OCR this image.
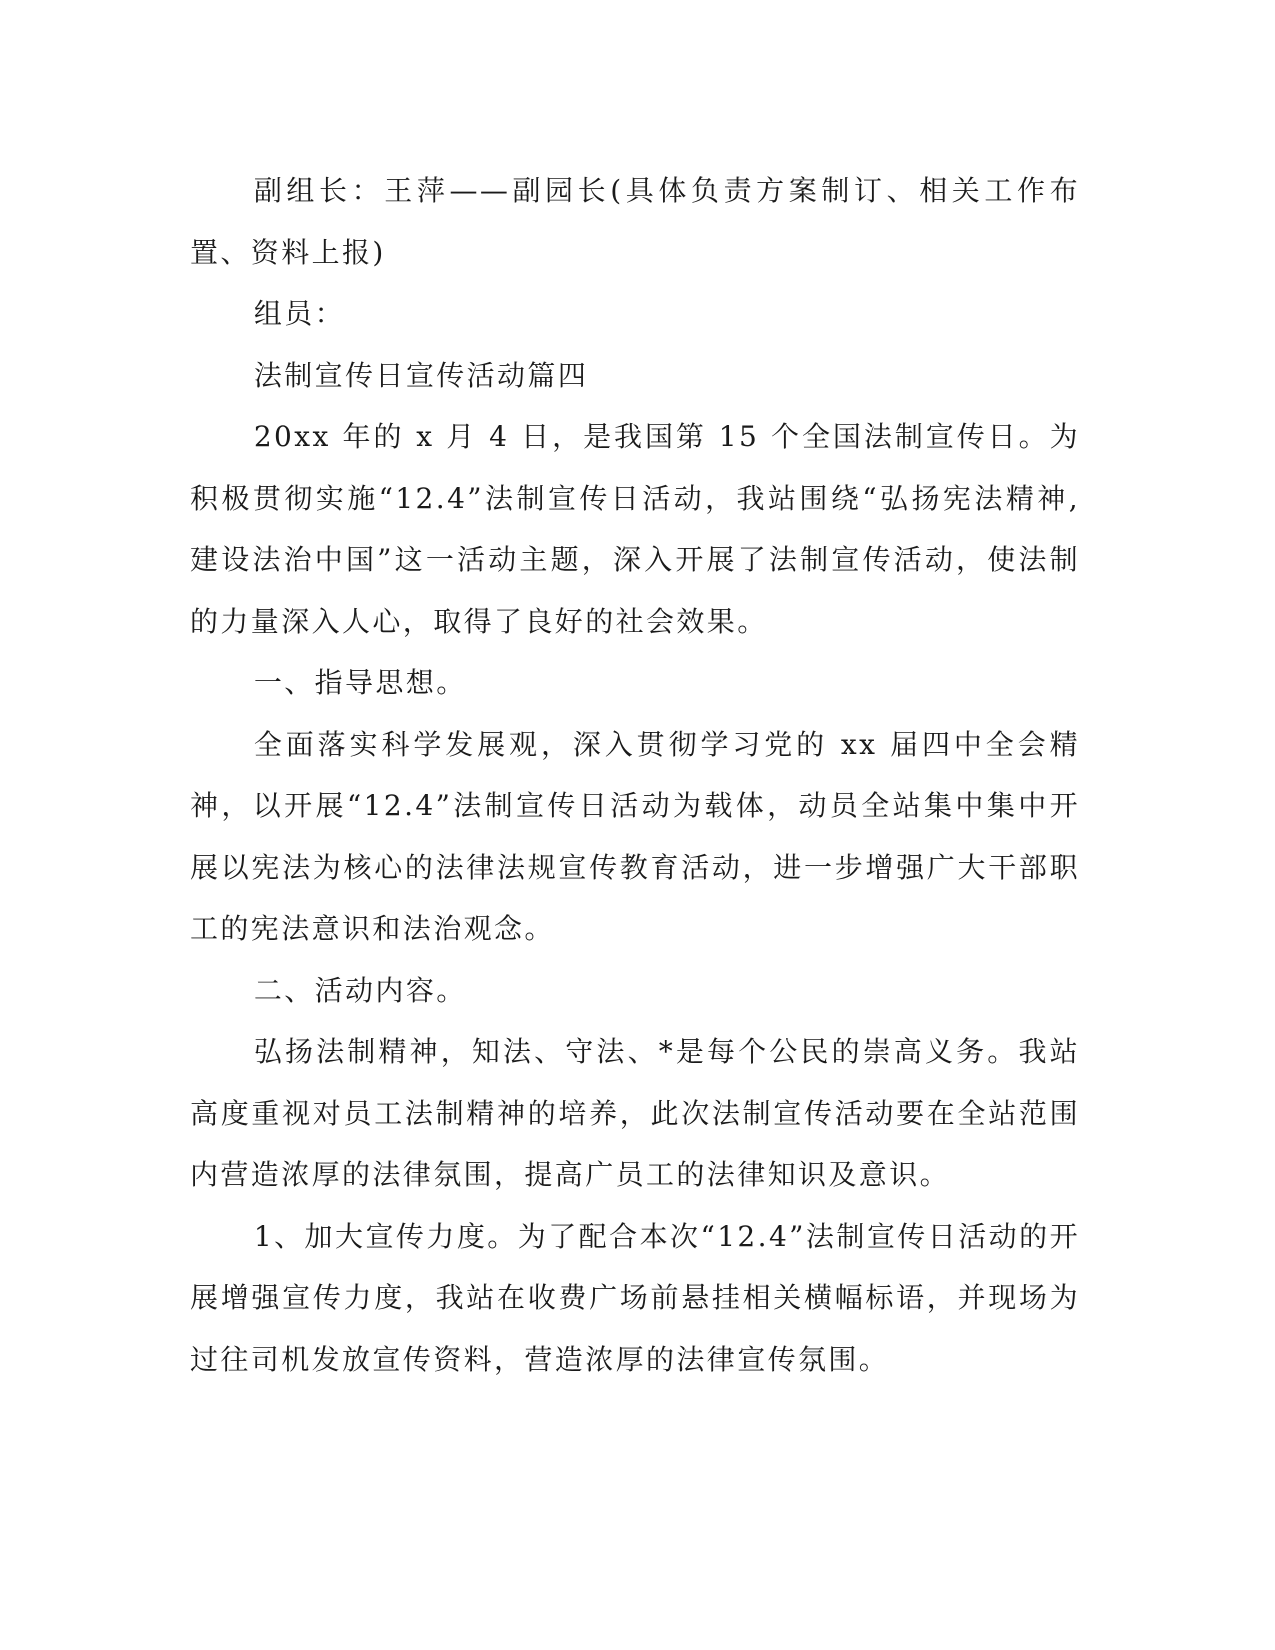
副组长：王萍——副园长(具体负责方案制订、相关工作布置、资料上报)

组员：

法制宣传日宣传活动篇四

20xx 年的 x 月 4 日，是我国第 15 个全国法制宣传日。为积极贯彻实施“12.4”法制宣传日活动，我站围绕“弘扬宪法精神,建设法治中国”这一活动主题，深入开展了法制宣传活动，使法制的力量深入人心，取得了良好的社会效果。

一、指导思想。

全面落实科学发展观，深入贯彻学习党的 xx 届四中全会精神，以开展“12.4”法制宣传日活动为载体，动员全站集中集中开展以宪法为核心的法律法规宣传教育活动，进一步增强广大干部职工的宪法意识和法治观念。

二、活动内容。

弘扬法制精神，知法、守法、*是每个公民的崇高义务。我站高度重视对员工法制精神的培养，此次法制宣传活动要在全站范围内营造浓厚的法律氛围，提高广员工的法律知识及意识。

1、加大宣传力度。为了配合本次“12.4”法制宣传日活动的开展增强宣传力度，我站在收费广场前悬挂相关横幅标语，并现场为过往司机发放宣传资料，营造浓厚的法律宣传氛围。
